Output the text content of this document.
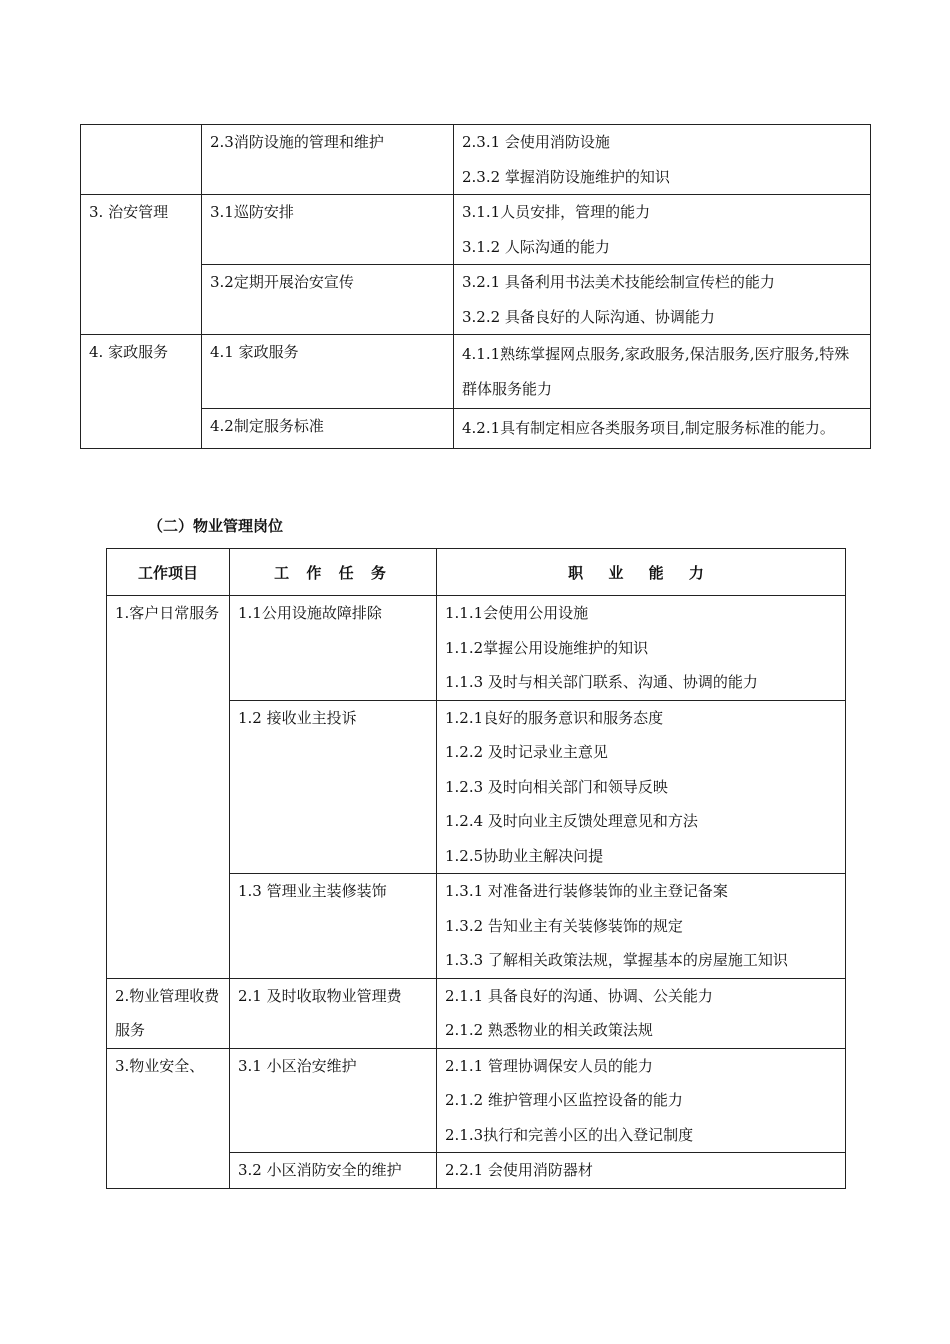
	2.3消防设施的管理和维护	2.3.1 会使用消防设施
2.3.2 掌握消防设施维护的知识

3. 治安管理	3.1巡防安排	3.1.1人员安排，管理的能力
3.1.2 人际沟通的能力

	3.2定期开展治安宣传	3.2.1 具备利用书法美术技能绘制宣传栏的能力
3.2.2 具备良好的人际沟通、协调能力

4. 家政服务	4.1 家政服务	4.1.1熟练掌握网点服务,家政服务,保洁服务,医疗服务,特殊群体服务能力

	4.2制定服务标准	4.2.1具有制定相应各类服务项目,制定服务标准的能力。
（二）物业管理岗位
工作项目	工 作 任 务	职 业 能 力

1.客户日常服务	1.1公用设施故障排除	1.1.1会使用公用设施
1.1.2掌握公用设施维护的知识
1.1.3 及时与相关部门联系、沟通、协调的能力

	1.2 接收业主投诉	1.2.1良好的服务意识和服务态度
1.2.2 及时记录业主意见
1.2.3 及时向相关部门和领导反映
1.2.4 及时向业主反馈处理意见和方法
1.2.5协助业主解决问提

	1.3 管理业主装修装饰	1.3.1 对准备进行装修装饰的业主登记备案
1.3.2 告知业主有关装修装饰的规定
1.3.3 了解相关政策法规，掌握基本的房屋施工知识

2.物业管理收费服务	2.1 及时收取物业管理费	2.1.1 具备良好的沟通、协调、公关能力
2.1.2 熟悉物业的相关政策法规

3.物业安全、	3.1 小区治安维护	2.1.1 管理协调保安人员的能力
2.1.2 维护管理小区监控设备的能力
2.1.3执行和完善小区的出入登记制度

	3.2 小区消防安全的维护	2.2.1 会使用消防器材
